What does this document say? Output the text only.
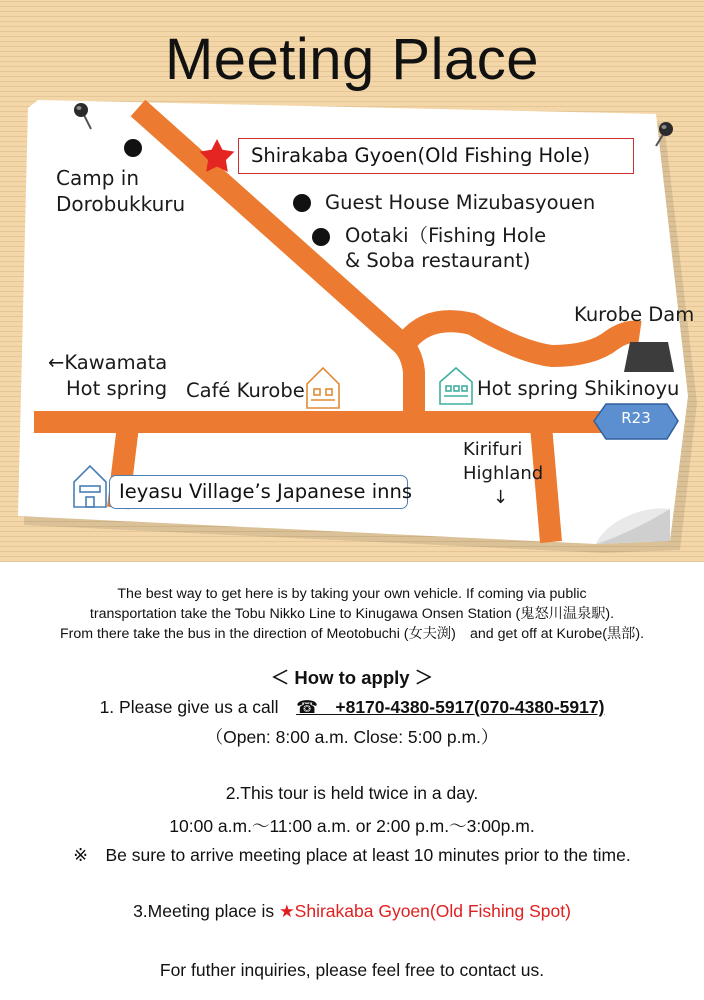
Meeting Place
Shirakaba Gyoen(Old Fishing Hole)
Camp in
Dorobukkuru	Guest House Mizubasyouen
Ootaki（Fishing Hole
& Soba restaurant)
Kurobe Dam
←Kawamata
Hot spring Café Kurobe	Hot spring Shikinoyu
R23
Kirifuri
Highland
↓
Ieyasu Village’s Japanese inns
The best way to get here is by taking your own vehicle. If coming via public
transportation take the Tobu Nikko Line to Kinugawa Onsen Station (鬼怒川温泉駅).
From there take the bus in the direction of Meotobuchi (女夫渕)　and get off at Kurobe(黒部).
＜ How to apply ＞
1. Please give us a call　☎　+8170-4380-5917(070-4380-5917)
（Open: 8:00 a.m. Close: 5:00 p.m.）
2.This tour is held twice in a day.
10:00 a.m.～11:00 a.m. or 2:00 p.m.～3:00p.m.
※　Be sure to arrive meeting place at least 10 minutes prior to the time.
3.Meeting place is ★Shirakaba Gyoen(Old Fishing Spot)
For futher inquiries, please feel free to contact us.
